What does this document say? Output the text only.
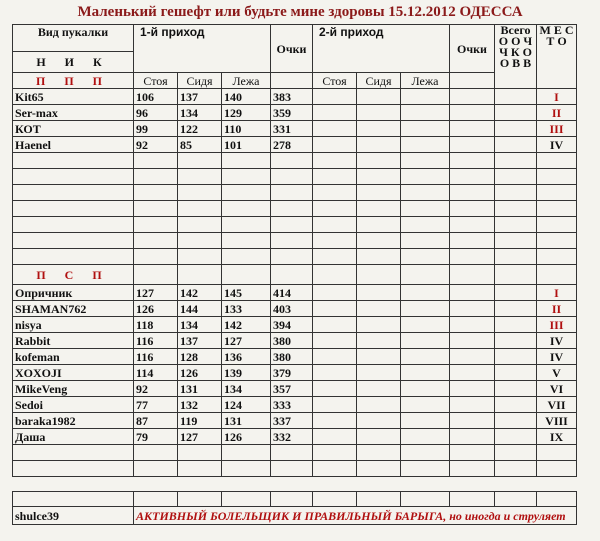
Маленький гешефт или будьте мине здоровы 15.12.2012 ОДЕССА
Вид пукалки	1-й приход			Очки	2-й приход			Очки	Всего О О Ч Ч К О О В В	М Е С Т О
Н И К										
П П П	Стоя	Сидя	Лежа		Стоя	Сидя	Лежа			

Kit65	106	137	140	383						I
Ser-max	96	134	129	359						II
КОТ	99	122	110	331						III
Haenel	92	85	101	278						IV

П С П										
Опричник	127	142	145	414						I
SHAMAN762	126	144	133	403						II
nisya	118	134	142	394						III
Rabbit	116	137	127	380						IV
kofeman	116	128	136	380						IV
XOXOJI	114	126	139	379						V
MikeVeng	92	131	134	357						VI
Sedoi	77	132	124	333						VII
baraka1982	87	119	131	337						VIII
Даша	79	127	126	332						IX

shulce39	АКТИВНЫЙ БОЛЕЛЬЩИК И ПРАВИЛЬНЫЙ БАРЫГА, но иногда и струляет									
